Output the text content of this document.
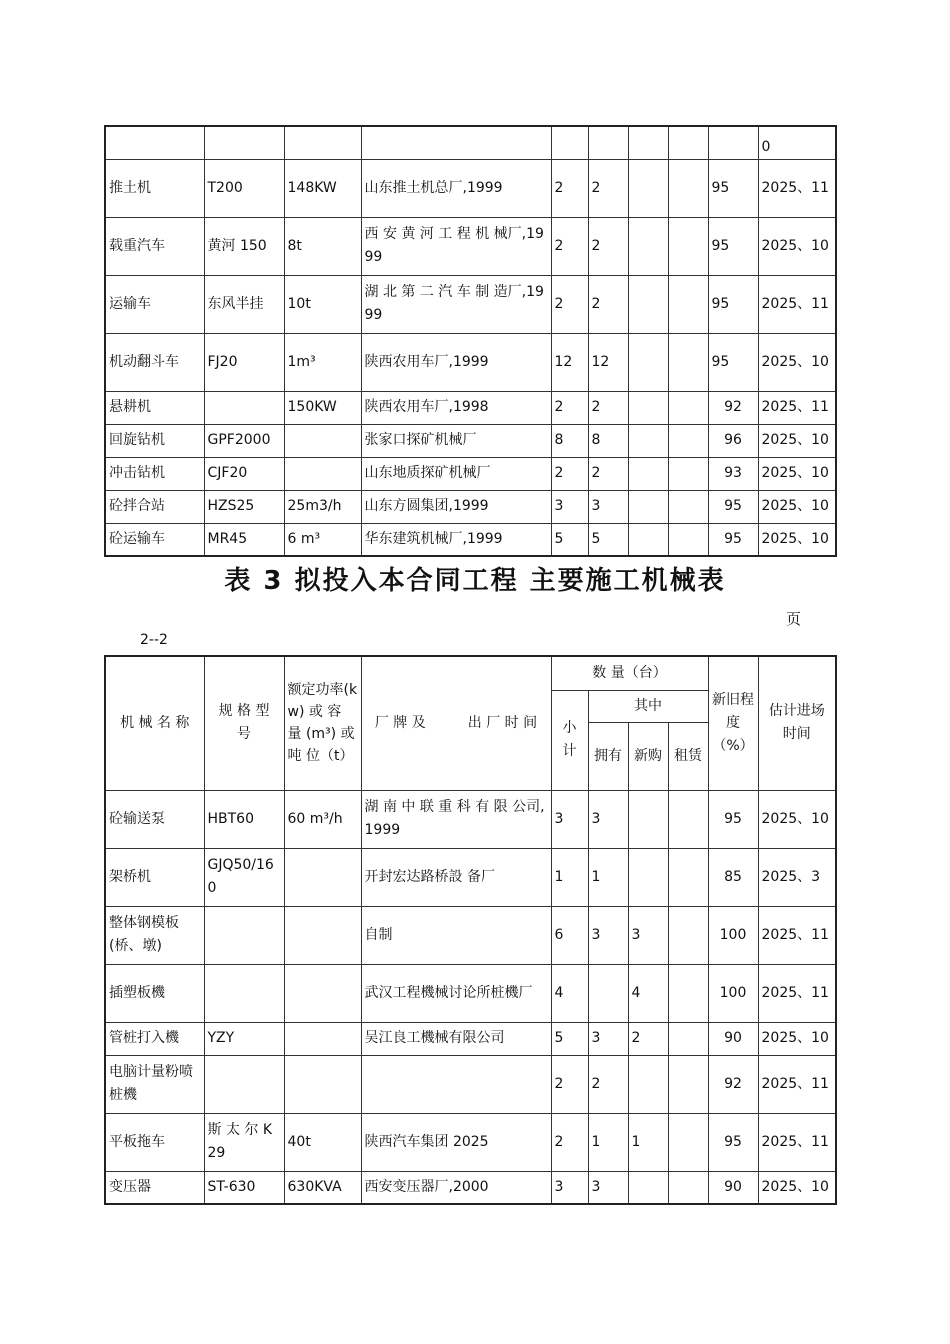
									0
推土机	T200	148KW	山东推土机总厂,1999	2	2			95	2025、11
载重汽车	黄河 150	8t	西 安 黄 河 工 程 机 械厂,1999	2	2			95	2025、10
运输车	东风半挂	10t	湖 北 第 二 汽 车 制 造厂,1999	2	2			95	2025、11
机动翻斗车	FJ20	1m³	陕西农用车厂,1999	12	12			95	2025、10
悬耕机		150KW	陕西农用车厂,1998	2	2			92	2025、11
回旋钻机	GPF2000		张家口探矿机械厂	8	8			96	2025、10
冲击钻机	CJF20		山东地质探矿机械厂	2	2			93	2025、10
砼拌合站	HZS25	25m3/h	山东方圆集团,1999	3	3			95	2025、10
砼运输车	MR45	6 m³	华东建筑机械厂,1999	5	5			95	2025、10
表 3 拟投入本合同工程 主要施工机械表
页
2--2
机 械 名 称	规 格 型 号	额定功率(kw) 或 容 量 (m³) 或 吨 位（t）	厂 牌 及　　　出 厂 时 间	数 量（台）				新旧程度（%）	估计进场时间
				小计	其中				
					拥有	新购	租赁		
砼输送泵	HBT60	60 m³/h	湖 南 中 联 重 科 有 限 公司,1999	3	3			95	2025、10
架桥机	GJQ50/160		开封宏达路桥設 备厂	1	1			85	2025、3
整体钢模板(桥、墩)			自制	6	3	3		100	2025、11
插塑板機			武汉工程機械讨论所桩機厂	4		4		100	2025、11
管桩打入機	YZY		吴江良工機械有限公司	5	3	2		90	2025、10
电脑计量粉喷桩機				2	2			92	2025、11
平板拖车	斯 太 尔 K29	40t	陕西汽车集团 2025	2	1	1		95	2025、11
变压器	ST-630	630KVA	西安变压器厂,2000	3	3			90	2025、10
